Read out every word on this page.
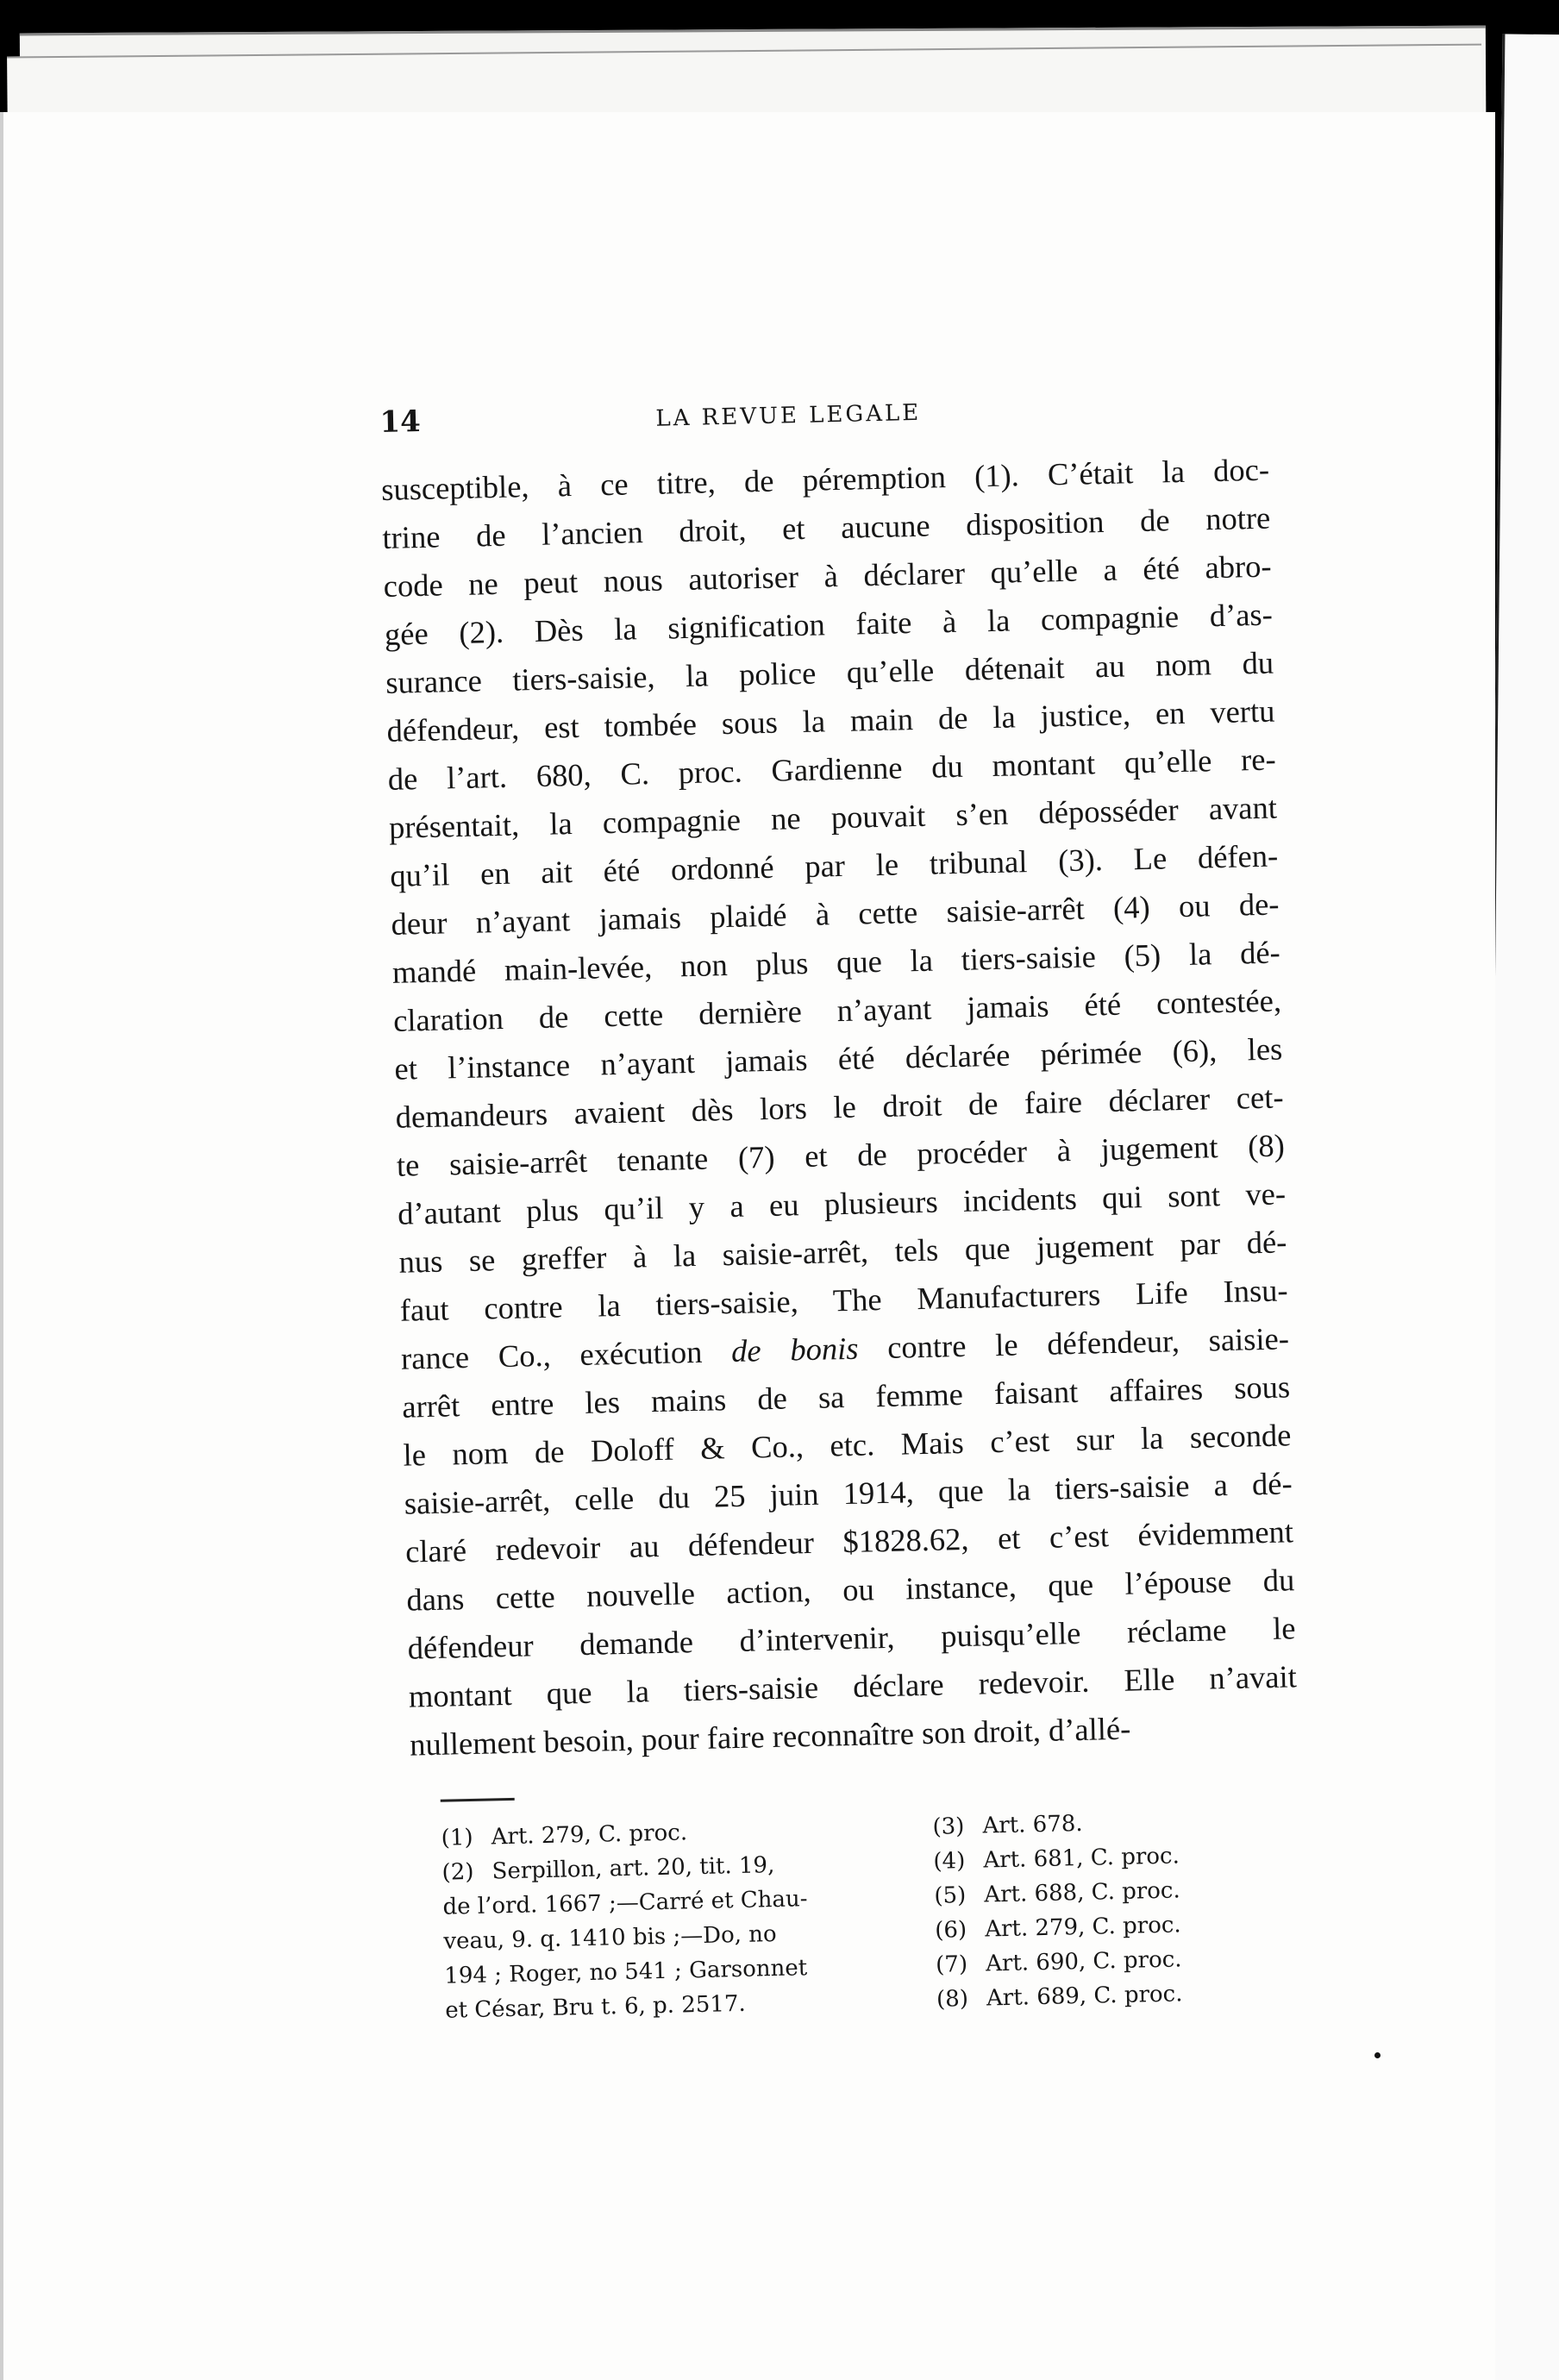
14	LA REVUE LEGALE
susceptible, à ce titre, de péremption (1). C’était la doc-
trine de l’ancien droit, et aucune disposition de notre
code ne peut nous autoriser à déclarer qu’elle a été abro-
gée (2). Dès la signification faite à la compagnie d’as-
surance tiers-saisie, la police qu’elle détenait au nom du
défendeur, est tombée sous la main de la justice, en vertu
de l’art. 680, C. proc. Gardienne du montant qu’elle re-
présentait, la compagnie ne pouvait s’en déposséder avant
qu’il en ait été ordonné par le tribunal (3). Le défen-
deur n’ayant jamais plaidé à cette saisie-arrêt (4) ou de-
mandé main-levée, non plus que la tiers-saisie (5) la dé-
claration de cette dernière n’ayant jamais été contestée,
et l’instance n’ayant jamais été déclarée périmée (6), les
demandeurs avaient dès lors le droit de faire déclarer cet-
te saisie-arrêt tenante (7) et de procéder à jugement (8)
d’autant plus qu’il y a eu plusieurs incidents qui sont ve-
nus se greffer à la saisie-arrêt, tels que jugement par dé-
faut contre la tiers-saisie, The Manufacturers Life Insu-
rance Co., exécution de bonis contre le défendeur, saisie-
arrêt entre les mains de sa femme faisant affaires sous
le nom de Doloff & Co., etc. Mais c’est sur la seconde
saisie-arrêt, celle du 25 juin 1914, que la tiers-saisie a dé-
claré redevoir au défendeur $1828.62, et c’est évidemment
dans cette nouvelle action, ou instance, que l’épouse du
défendeur demande d’intervenir, puisqu’elle réclame le
montant que la tiers-saisie déclare redevoir. Elle n’avait
nullement besoin, pour faire reconnaître son droit, d’allé-
(1) Art. 279, C. proc.
(2) Serpillon, art. 20, tit. 19,
de l’ord. 1667 ;—Carré et Chau-
veau, 9. q. 1410 bis ;—Do, no
194 ; Roger, no 541 ; Garsonnet
et César, Bru t. 6, p. 2517.
(3) Art. 678.
(4) Art. 681, C. proc.
(5) Art. 688, C. proc.
(6) Art. 279, C. proc.
(7) Art. 690, C. proc.
(8) Art. 689, C. proc.
